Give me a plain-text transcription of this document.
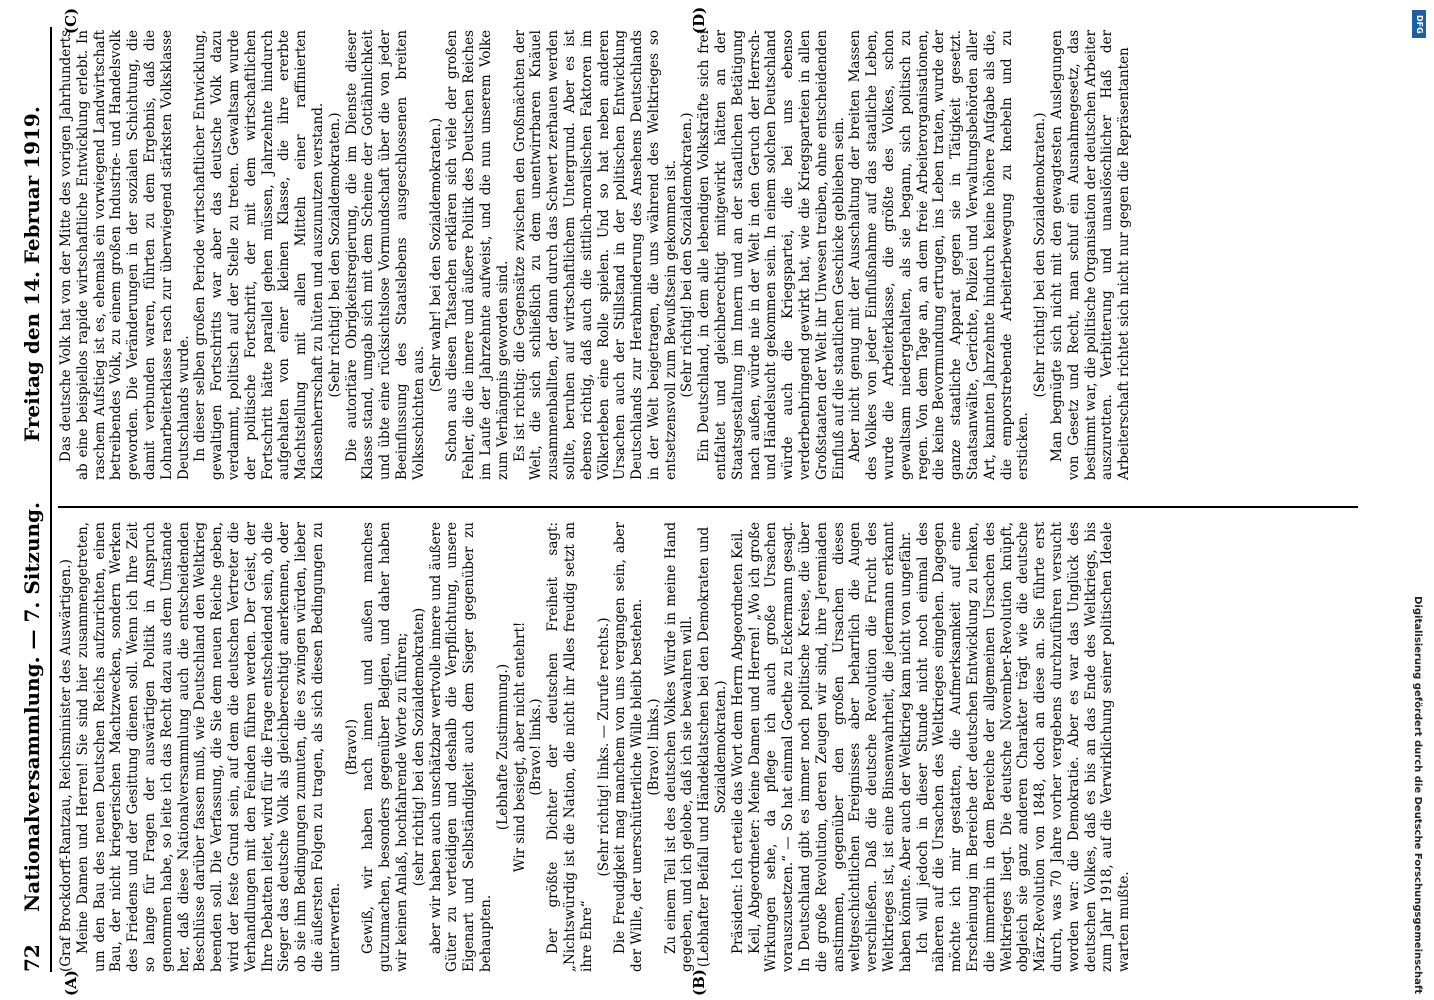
72
Nationalversammlung. — 7. Sitzung.
Freitag den 14. Februar 1919.
(A)	(B)
(C)	(D)

(Graf Brockdorff-Rantzau, Reichsminister des Auswärtigen.) Meine Damen und Herren! Sie sind hier zusammengetreten, um den Bau des neuen Deutschen Reichs aufzurichten, einen Bau, der nicht kriegerischen Machtzwecken, sondern Werken des Friedens und der Gesittung dienen soll. Wenn ich Ihre Zeit so lange für Fragen der auswärtigen Politik in Anspruch genommen habe, so leite ich das Recht dazu aus dem Umstande her, daß diese Nationalversammlung auch die entscheidenden Beschlüsse darüber fassen muß, wie Deutschland den Weltkrieg beenden soll. Die Verfassung, die Sie dem neuen Reiche geben, wird der feste Grund sein, auf dem die deutschen Vertreter die Verhandlungen mit den Feinden führen werden. Der Geist, der Ihre Debatten leitet, wird für die Frage entscheidend sein, ob die Sieger das deutsche Volk als gleichberechtigt anerkennen, oder ob sie ihm Bedingungen zumuten, die es zwingen würden, lieber die äußersten Folgen zu tragen, als sich diesen Bedingungen zu unterwerfen.

(Bravo!) Gewiß, wir haben nach innen und außen manches gutzumachen, besonders gegenüber Belgien, und daher haben wir keinen Anlaß, hochfahrende Worte zu führen; (sehr richtig! bei den Sozialdemokraten) aber wir haben auch unschätzbar wertvolle innere und äußere Güter zu verteidigen und deshalb die Verpflichtung, unsere Eigenart und Selbständigkeit auch dem Sieger gegenüber zu behaupten.

(Lebhafte Zustimmung.) Wir sind besiegt, aber nicht entehrt! (Bravo! links.) Der größte Dichter der deutschen Freiheit sagt: „Nichtswürdig ist die Nation, die nicht ihr Alles freudig setzt an ihre Ehre“

(Sehr richtig! links. — Zurufe rechts.) Die Freudigkeit mag manchem von uns vergangen sein, aber der Wille, der unerschütterliche Wille bleibt bestehen. (Bravo! links.) Zu einem Teil ist des deutschen Volkes Würde in meine Hand gegeben, und ich gelobe, daß ich sie bewahren will. (Lebhafter Beifall und Händeklatschen bei den Demokraten und Sozialdemokraten.) Präsident: Ich erteile das Wort dem Herrn Abgeordneten Keil. Keil, Abgeordneter: Meine Damen und Herren! „Wo ich große Wirkungen sehe, da pflege ich auch große Ursachen vorauszusetzen.“ — So hat einmal Goethe zu Eckermann gesagt. In Deutschland gibt es immer noch politische Kreise, die über die große Revolution, deren Zeugen wir sind, ihre Jeremiaden anstimmen, gegenüber den großen Ursachen dieses weltgeschichtlichen Ereignisses aber beharrlich die Augen verschließen. Daß die deutsche Revolution die Frucht des Weltkrieges ist, ist eine Binsenwahrheit, die jedermann erkannt haben könnte. Aber auch der Weltkrieg kam nicht von ungefähr. Ich will jedoch in dieser Stunde nicht noch einmal des näheren auf die Ursachen des Weltkrieges eingehen. Dagegen möchte ich mir gestatten, die Aufmerksamkeit auf eine Erscheinung im Bereiche der deutschen Entwicklung zu lenken, die immerhin in dem Bereiche der allgemeinen Ursachen des Weltkrieges liegt. Die deutsche November-Revolution knüpft, obgleich sie ganz anderen Charakter trägt wie die deutsche März-Revolution von 1848, doch an diese an. Sie führte erst durch, was 70 Jahre vorher vergebens durchzuführen versucht worden war: die Demokratie. Aber es war das Unglück des deutschen Volkes, daß es bis an das Ende des Weltkriegs, bis zum Jahr 1918, auf die Verwirklichung seiner politischen Ideale warten mußte.

Das deutsche Volk hat von der Mitte des vorigen Jahrhunderts ab eine beispiellos rapide wirtschaftliche Entwicklung erlebt. In raschem Aufstieg ist es, ehemals ein vorwiegend Landwirtschaft betreibendes Volk, zu einem großen Industrie- und Handelsvolk geworden. Die Veränderungen in der sozialen Schichtung, die damit verbunden waren, führten zu dem Ergebnis, daß die Lohnarbeiterklasse rasch zur überwiegend stärksten Volksklasse Deutschlands wurde. In dieser selben großen Periode wirtschaftlicher Entwicklung, gewaltigen Fortschritts war aber das deutsche Volk dazu verdammt, politisch auf der Stelle zu treten. Gewaltsam wurde der politische Fortschritt, der mit dem wirtschaftlichen Fortschritt hätte parallel gehen müssen, Jahrzehnte hindurch aufgehalten von einer kleinen Klasse, die ihre ererbte Machtstellung mit allen Mitteln einer raffinierten Klassenherrschaft zu hüten und auszunutzen verstand. (Sehr richtig! bei den Sozialdemokraten.) Die autoritäre Obrigkeitsregierung, die im Dienste dieser Klasse stand, umgab sich mit dem Scheine der Gottähnlichkeit und übte eine rücksichtslose Vormundschaft über die von jeder Beeinflussung des Staatslebens ausgeschlossenen breiten Volksschichten aus.

(Sehr wahr! bei den Sozialdemokraten.) Schon aus diesen Tatsachen erklären sich viele der großen Fehler, die die innere und äußere Politik des Deutschen Reiches im Laufe der Jahrzehnte aufweist, und die nun unserem Volke zum Verhängnis geworden sind. Es ist richtig: die Gegensätze zwischen den Großmächten der Welt, die sich schließlich zu dem unentwirrbaren Knäuel zusammenballten, der dann durch das Schwert zerhauen werden sollte, beruhen auf wirtschaftlichem Untergrund. Aber es ist ebenso richtig, daß auch die sittlich-moralischen Faktoren im Völkerleben eine Rolle spielen. Und so hat neben anderen Ursachen auch der Stillstand in der politischen Entwicklung Deutschlands zur Herabminderung des Ansehens Deutschlands in der Welt beigetragen, die uns während des Weltkrieges so entsetzensvoll zum Bewußtsein gekommen ist. (Sehr richtig! bei den Sozialdemokraten.) Ein Deutschland, in dem alle lebendigen Volkskräfte sich frei entfaltet und gleichberechtigt mitgewirkt hätten an der Staatsgestaltung im Innern und an der staatlichen Betätigung nach außen, würde nie in der Welt in den Geruch der Herrsch- und Händelsucht gekommen sein. In einem solchen Deutschland würde auch die Kriegspartei, die bei uns ebenso verderbenbringend gewirkt hat, wie die Kriegsparteien in allen Großstaaten der Welt ihr Unwesen treiben, ohne entscheidenden Einfluß auf die staatlichen Geschicke geblieben sein. Aber nicht genug mit der Ausschaltung der breiten Massen des Volkes von jeder Einflußnahme auf das staatliche Leben, wurde die Arbeiterklasse, die größte des Volkes, schon gewaltsam niedergehalten, als sie begann, sich politisch zu regen. Von dem Tage an, an dem freie Arbeiterorganisationen, die keine Bevormundung ertrugen, ins Leben traten, wurde der ganze staatliche Apparat gegen sie in Tätigkeit gesetzt. Staatsanwälte, Gerichte, Polizei und Verwaltungsbehörden aller Art, kannten Jahrzehnte hindurch keine höhere Aufgabe als die, die emporstrebende Arbeiterbewegung zu knebeln und zu ersticken.

(Sehr richtig! bei den Sozialdemokraten.) Man begnügte sich nicht mit den gewagtesten Auslegungen von Gesetz und Recht, man schuf ein Ausnahmegesetz, das bestimmt war, die politische Organisation der deutschen Arbeiter auszurotten. Verbitterung und unauslöschlicher Haß der Arbeiterschaft richtet sich nicht nur gegen die Repräsentanten

DFG
Digitalisierung gefördert durch die Deutsche Forschungsgemeinschaft
